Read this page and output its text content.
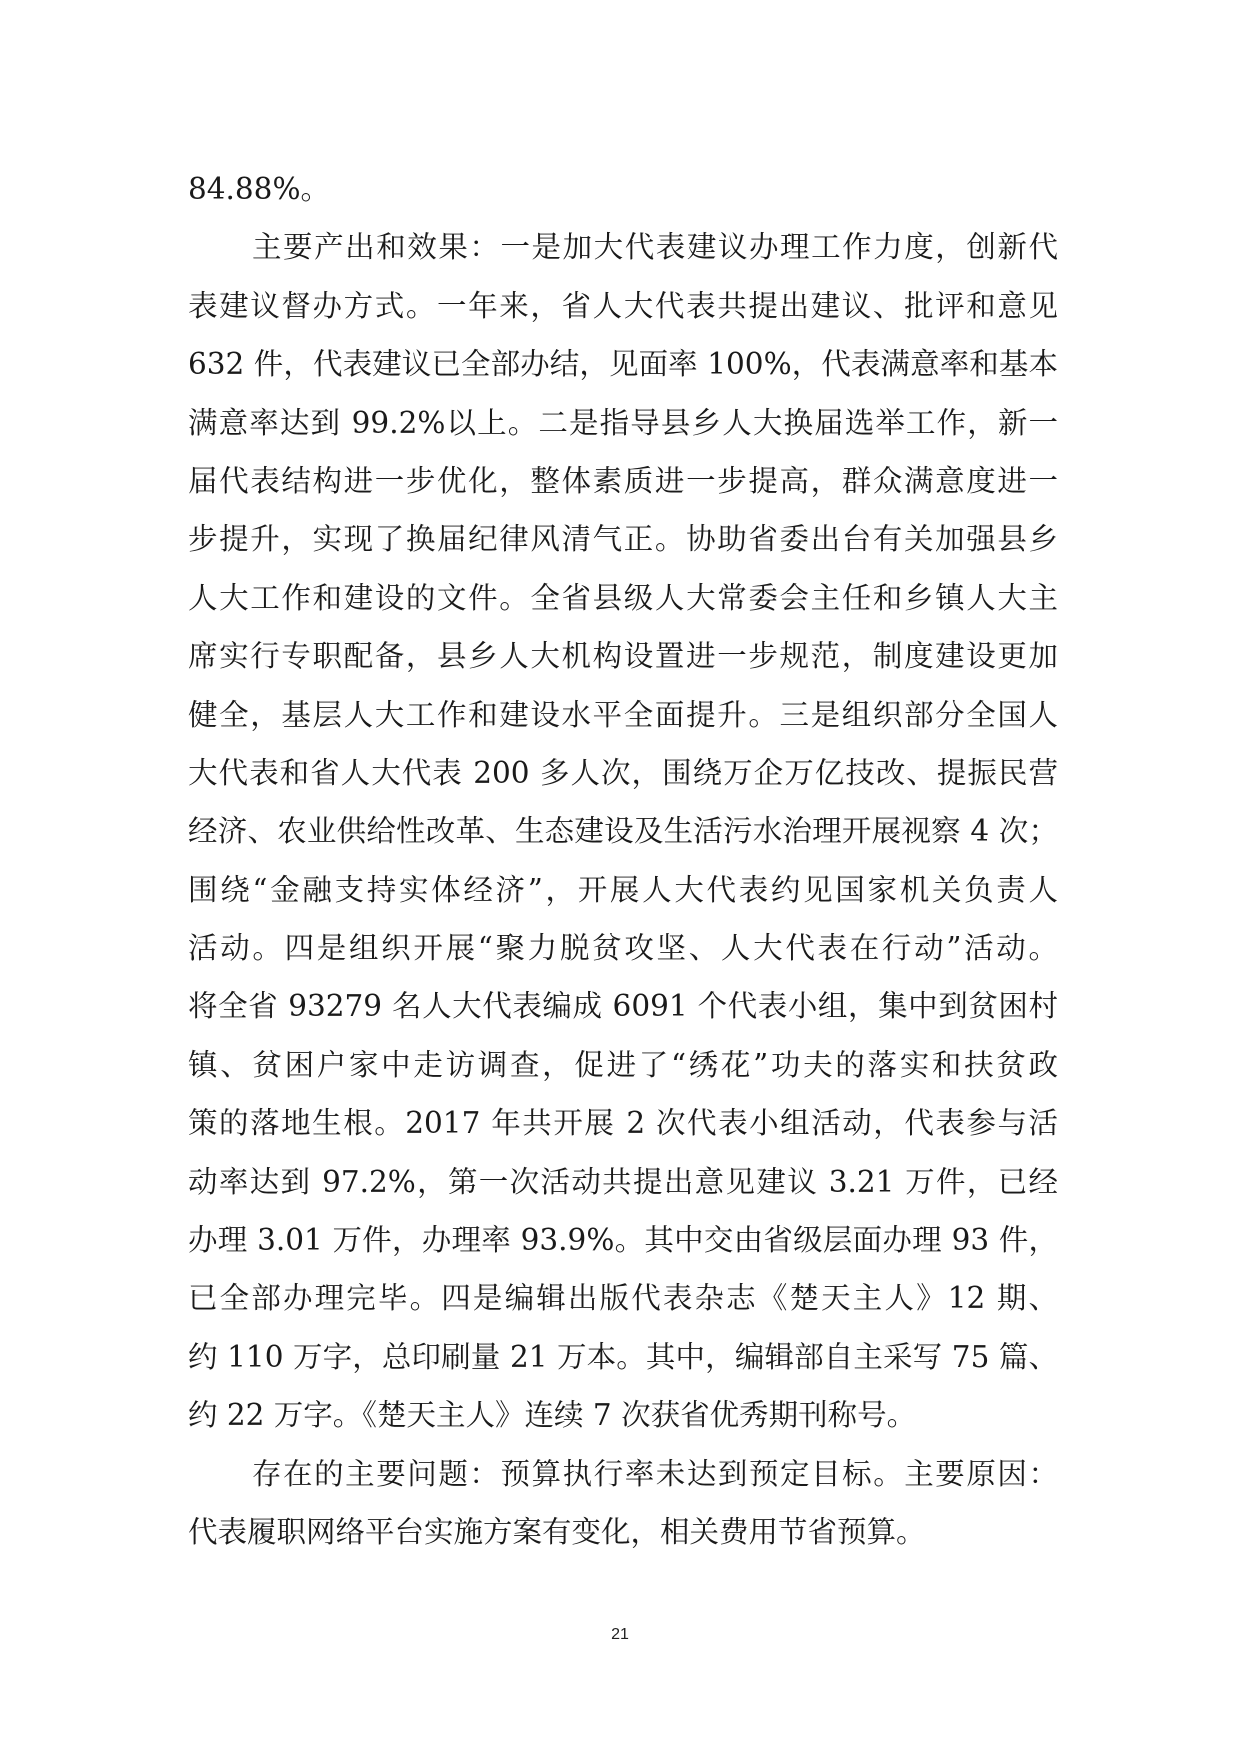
84.88%。
主要产出和效果：一是加大代表建议办理工作力度，创新代
表建议督办方式。一年来，省人大代表共提出建议、批评和意见
632 件，代表建议已全部办结，见面率 100%，代表满意率和基本
满意率达到 99.2%以上。二是指导县乡人大换届选举工作，新一
届代表结构进一步优化，整体素质进一步提高，群众满意度进一
步提升，实现了换届纪律风清气正。协助省委出台有关加强县乡
人大工作和建设的文件。全省县级人大常委会主任和乡镇人大主
席实行专职配备，县乡人大机构设置进一步规范，制度建设更加
健全，基层人大工作和建设水平全面提升。三是组织部分全国人
大代表和省人大代表 200 多人次，围绕万企万亿技改、提振民营
经济、农业供给性改革、生态建设及生活污水治理开展视察 4 次；
围绕“金融支持实体经济”，开展人大代表约见国家机关负责人
活动。四是组织开展“聚力脱贫攻坚、人大代表在行动”活动。
将全省 93279 名人大代表编成 6091 个代表小组，集中到贫困村
镇、贫困户家中走访调查，促进了“绣花”功夫的落实和扶贫政
策的落地生根。2017 年共开展 2 次代表小组活动，代表参与活
动率达到 97.2%，第一次活动共提出意见建议 3.21 万件，已经
办理 3.01 万件，办理率 93.9%。其中交由省级层面办理 93 件，
已全部办理完毕。四是编辑出版代表杂志《楚天主人》12 期、
约 110 万字，总印刷量 21 万本。其中，编辑部自主采写 75 篇、
约 22 万字。《楚天主人》连续 7 次获省优秀期刊称号。
存在的主要问题：预算执行率未达到预定目标。主要原因：
代表履职网络平台实施方案有变化，相关费用节省预算。
21
